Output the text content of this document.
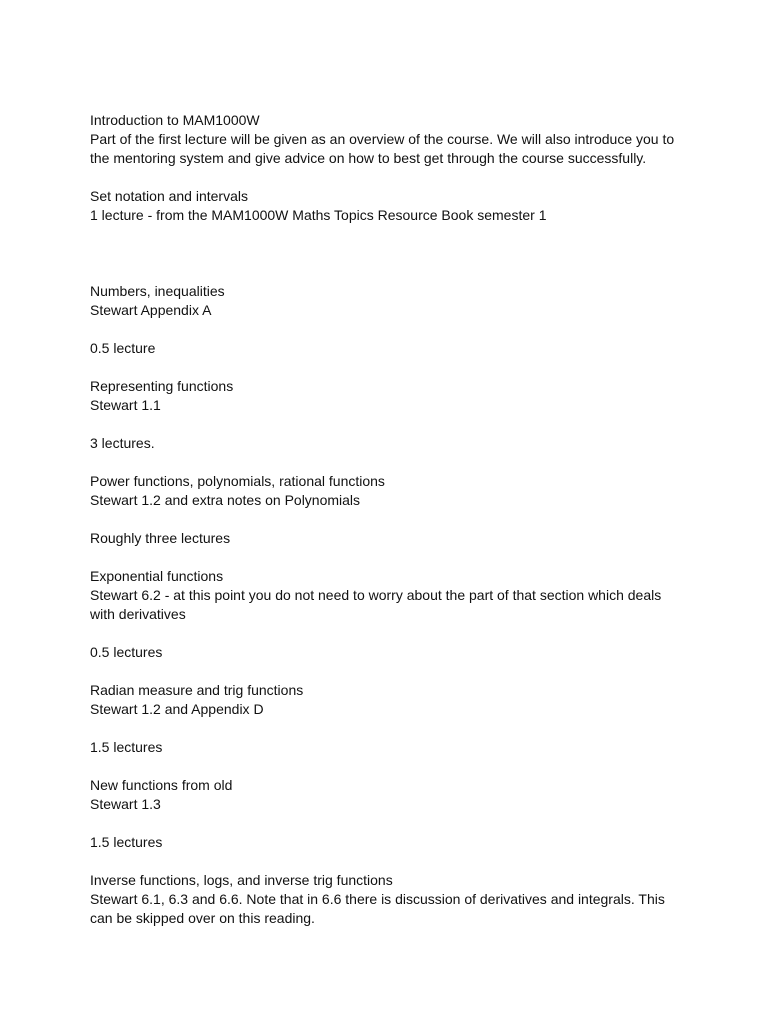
Introduction to MAM1000W

Part of the first lecture will be given as an overview of the course. We will also introduce you to the mentoring system and give advice on how to best get through the course successfully.

Set notation and intervals

1 lecture - from the MAM1000W Maths Topics Resource Book semester 1

Numbers, inequalities

Stewart Appendix A

0.5 lecture

Representing functions

Stewart 1.1

3 lectures.

Power functions, polynomials, rational functions

Stewart 1.2 and extra notes on Polynomials

Roughly three lectures

Exponential functions

Stewart 6.2 - at this point you do not need to worry about the part of that section which deals with derivatives

0.5 lectures

Radian measure and trig functions

Stewart 1.2 and Appendix D

1.5 lectures

New functions from old

Stewart 1.3

1.5 lectures

Inverse functions, logs, and inverse trig functions

Stewart 6.1, 6.3 and 6.6. Note that in 6.6 there is discussion of derivatives and integrals. This can be skipped over on this reading.
